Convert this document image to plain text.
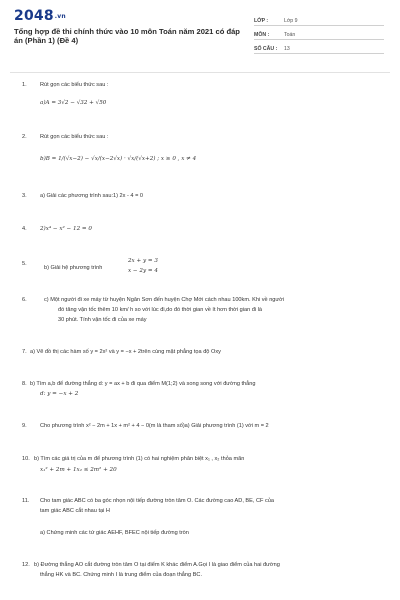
2048.vn
Tổng hợp đề thi chính thức vào 10 môn Toán năm 2021 có đáp án (Phần 1) (Đề 4)
LỚP :	Lớp 9
MÔN :	Toán
SỐ CÂU :	13
1. Rút gọn các biểu thức sau :
a)A = 3√2 − √32 + √50
2. Rút gọn các biểu thức sau :
b)B = 1/(√x−2) − √x/(x−2√x) · √x/(√x+2) ; x ≥ 0 , x ≠ 4
3. a) Giải các phương trình sau:1) 2x - 4 = 0
4. 2)x⁴ − x² − 12 = 0
5.
b) Giải hệ phương trình
2x + y = 3
x − 2y = 4
6.	c) Một người đi xe máy từ huyện Ngân Sơn đến huyện Chợ Mới cách nhau 100km. Khi về người
đó tăng vận tốc thêm 10 km/ h so với lúc đi,do đó thời gian về ít hơn thời gian đi là
30 phút. Tính vận tốc đi của xe máy
7. a) Vẽ đồ thị các hàm số y = 2x² và y = −x + 2trên cùng mặt phẳng tọa độ Oxy
8. b) Tìm a,b để đường thẳng d: y = ax + b đi qua điểm M(1;2) và song song với đường thẳng
d: y = −x + 2
9. Cho phương trình x² − 2m + 1x + m² + 4 − 0(m là tham số)a) Giải phương trình (1) với m = 2
10. b) Tìm các giá trị của m để phương trình (1) có hai nghiệm phân biệt x₁ , x₂ thỏa mãn
x₁² + 2m + 1x₂ ≤ 2m² + 20
11. Cho tam giác ABC có ba góc nhọn nội tiếp đường tròn tâm O. Các đường cao AD, BE, CF của
tam giác ABC cắt nhau tại H
a) Chứng minh các tứ giác AEHF, BFEC nội tiếp đường tròn
12. b) Đường thẳng AO cắt đường tròn tâm O tại điểm K khác điểm A.Gọi I là giao điểm của hai đường
thẳng HK và BC. Chứng minh I là trung điểm của đoạn thẳng BC.
